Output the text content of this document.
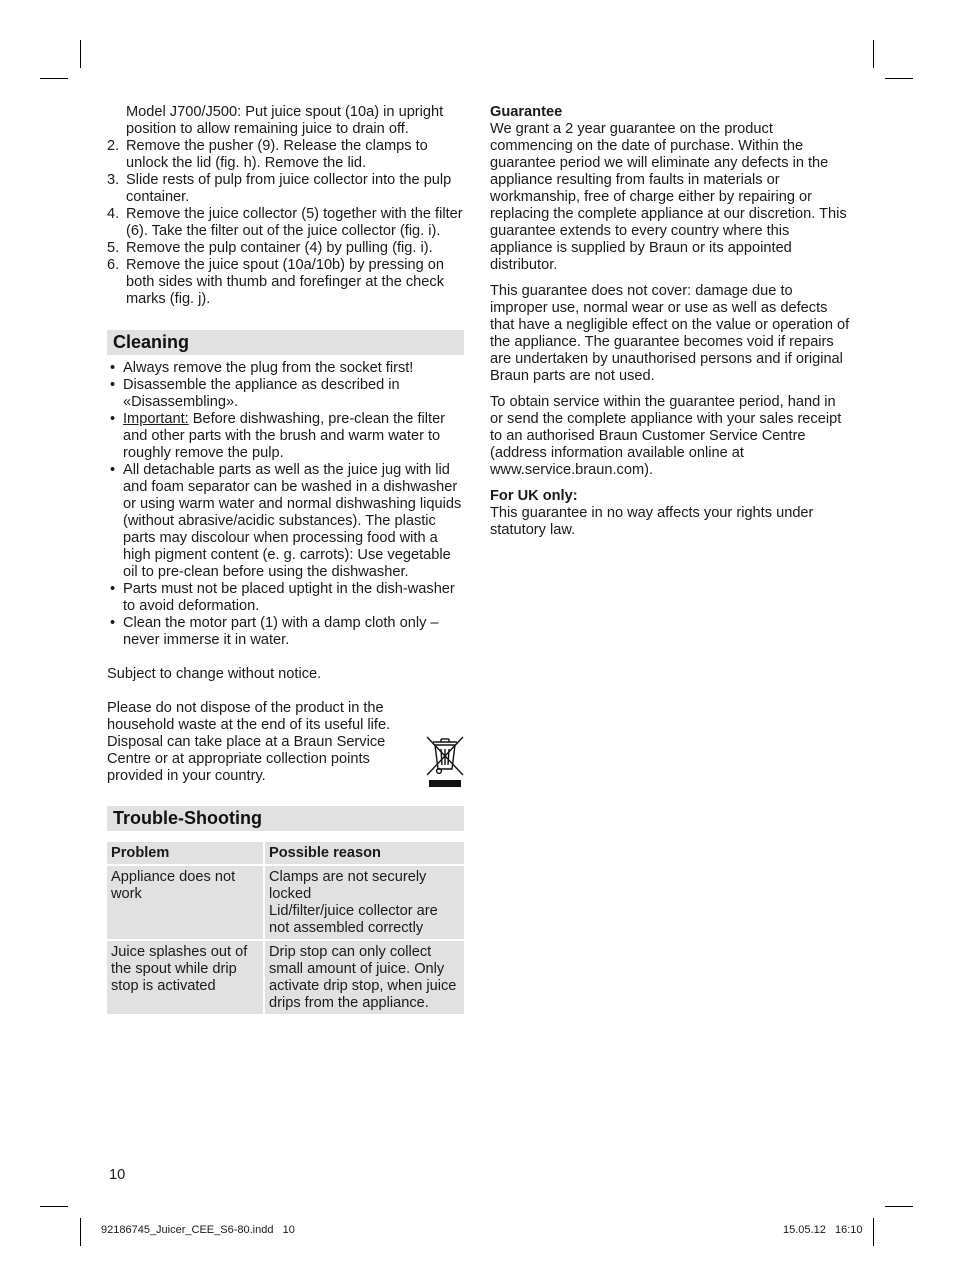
Model J700/J500: Put juice spout (10a) in upright position to allow remaining juice to drain off.
2. Remove the pusher (9). Release the clamps to unlock the lid (fig. h). Remove the lid.
3. Slide rests of pulp from juice collector into the pulp container.
4. Remove the juice collector (5) together with the filter (6). Take the filter out of the juice collector (fig. i).
5. Remove the pulp container (4) by pulling (fig. i).
6. Remove the juice spout (10a/10b) by pressing on both sides with thumb and forefinger at the check marks (fig. j).
Cleaning
• Always remove the plug from the socket first!
• Disassemble the appliance as described in «Disassembling».
• Important: Before dishwashing, pre-clean the filter and other parts with the brush and warm water to roughly remove the pulp.
• All detachable parts as well as the juice jug with lid and foam separator can be washed in a dishwasher or using warm water and normal dishwashing liquids (without abrasive/acidic substances). The plastic parts may discolour when processing food with a high pigment content (e. g. carrots): Use vegetable oil to pre-clean before using the dishwasher.
• Parts must not be placed uptight in the dish-washer to avoid deformation.
• Clean the motor part (1) with a damp cloth only – never immerse it in water.

Subject to change without notice.

Please do not dispose of the product in the household waste at the end of its useful life. Disposal can take place at a Braun Service Centre or at appropriate collection points provided in your country.

Trouble-Shooting
Problem	Possible reason
Appliance does not work	Clamps are not securely locked
Lid/filter/juice collector are not assembled correctly
Juice splashes out of the spout while drip stop is activated	Drip stop can only collect small amount of juice. Only activate drip stop, when juice drips from the appliance.
Guarantee

We grant a 2 year guarantee on the product commencing on the date of purchase. Within the guarantee period we will eliminate any defects in the appliance resulting from faults in materials or workmanship, free of charge either by repairing or replacing the complete appliance at our discretion. This guarantee extends to every country where this appliance is supplied by Braun or its appointed distributor.

This guarantee does not cover: damage due to improper use, normal wear or use as well as defects that have a negligible effect on the value or operation of the appliance. The guarantee becomes void if repairs are undertaken by unauthorised persons and if original Braun parts are not used.

To obtain service within the guarantee period, hand in or send the complete appliance with your sales receipt to an authorised Braun Customer Service Centre (address information available online at www.service.braun.com).

For UK only:

This guarantee in no way affects your rights under statutory law.

10
92186745_Juicer_CEE_S6-80.indd   10	15.05.12   16:10
